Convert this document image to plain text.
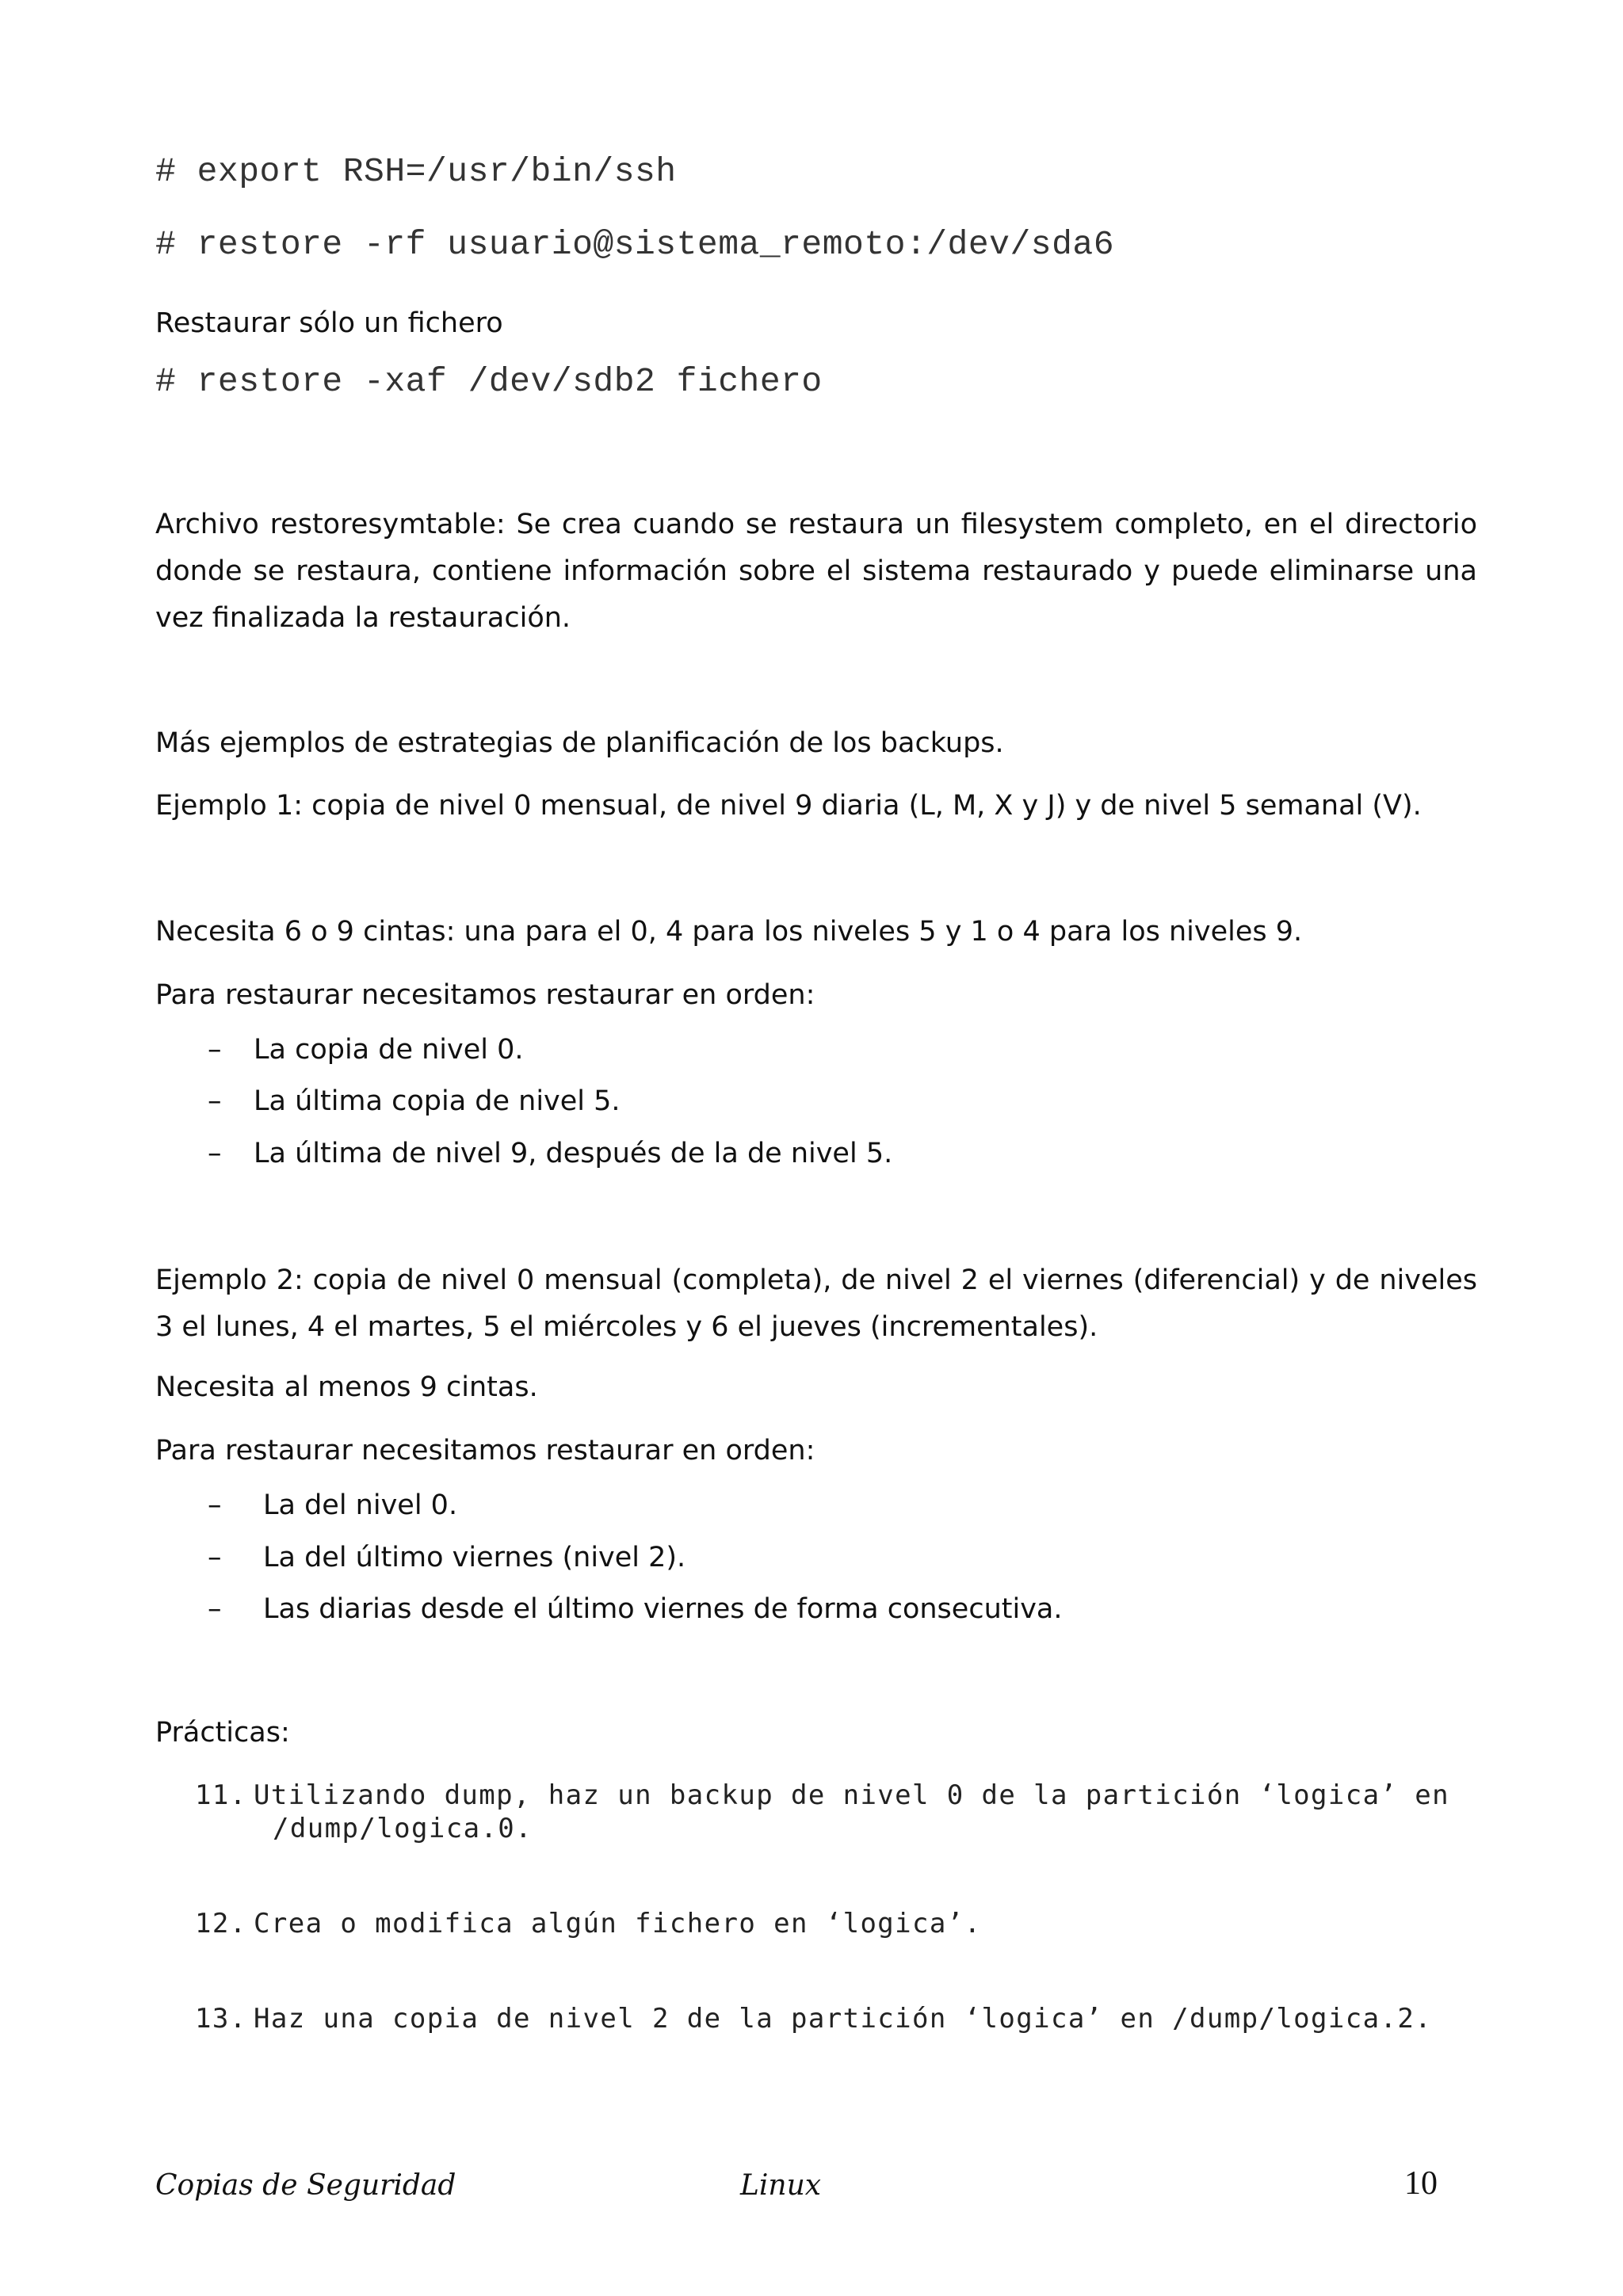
# export RSH=/usr/bin/ssh
# restore -rf usuario@sistema_remoto:/dev/sda6
Restaurar sólo un fichero
# restore -xaf /dev/sdb2 fichero
Archivo restoresymtable: Se crea cuando se restaura un filesystem completo, en el directorio donde se restaura, contiene información sobre el sistema restaurado y puede eliminarse una vez finalizada la restauración.
Más ejemplos de estrategias de planificación de los backups.
Ejemplo 1: copia de nivel 0 mensual, de nivel 9 diaria (L, M, X y J) y de nivel 5 semanal (V).
Necesita 6 o 9 cintas: una para el 0, 4 para los niveles 5 y 1 o 4 para los niveles 9.
Para restaurar necesitamos restaurar en orden:
– La copia de nivel 0.
– La última copia de nivel 5.
– La última de nivel 9, después de la de nivel 5.
Ejemplo 2: copia de nivel 0 mensual (completa), de nivel 2 el viernes (diferencial) y de niveles 3 el lunes, 4 el martes, 5 el miércoles y 6 el jueves (incrementales).
Necesita al menos 9 cintas.
Para restaurar necesitamos restaurar en orden:
– La del nivel 0.
– La del último viernes (nivel 2).
– Las diarias desde el último viernes de forma consecutiva.
Prácticas:
11. Utilizando dump, haz un backup de nivel 0 de la partición ‘logica’ en
/dump/logica.0.
12. Crea o modifica algún fichero en ‘logica’.
13. Haz una copia de nivel 2 de la partición ‘logica’ en /dump/logica.2.
Copias de Seguridad	Linux	10
